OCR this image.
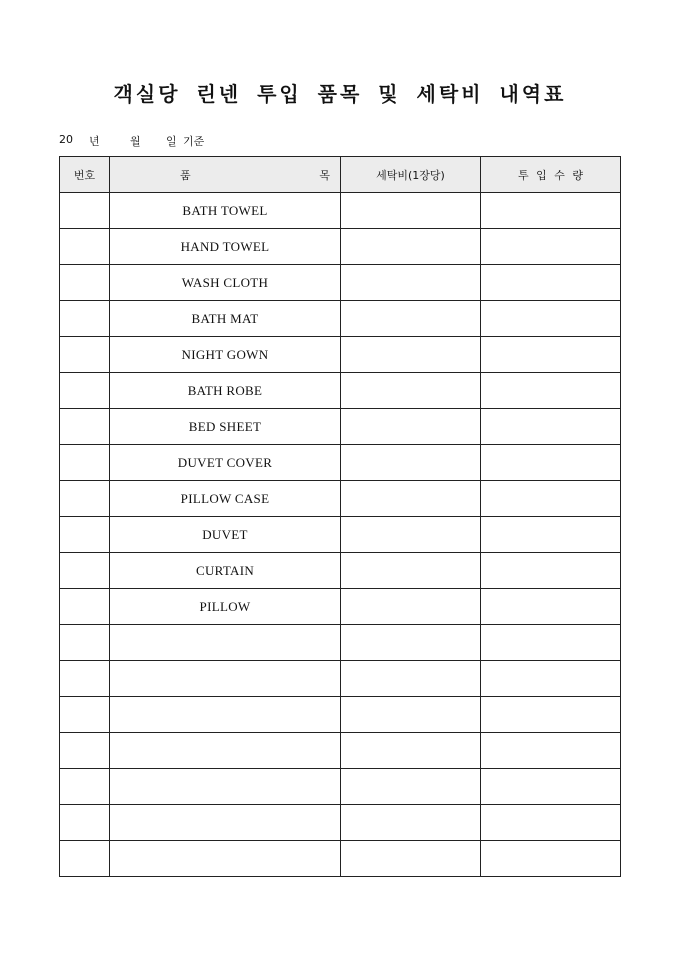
객실당 린넨 투입 품목 및 세탁비 내역표

20

년

	월

일

기준

번호	품 목	세탁비(1장당)	투 입 수 량
	BATH TOWEL		
	HAND TOWEL		
	WASH CLOTH		
	BATH MAT		
	NIGHT GOWN		
	BATH ROBE		
	BED SHEET		
	DUVET COVER		
	PILLOW CASE		
	DUVET		
	CURTAIN		
	PILLOW		
